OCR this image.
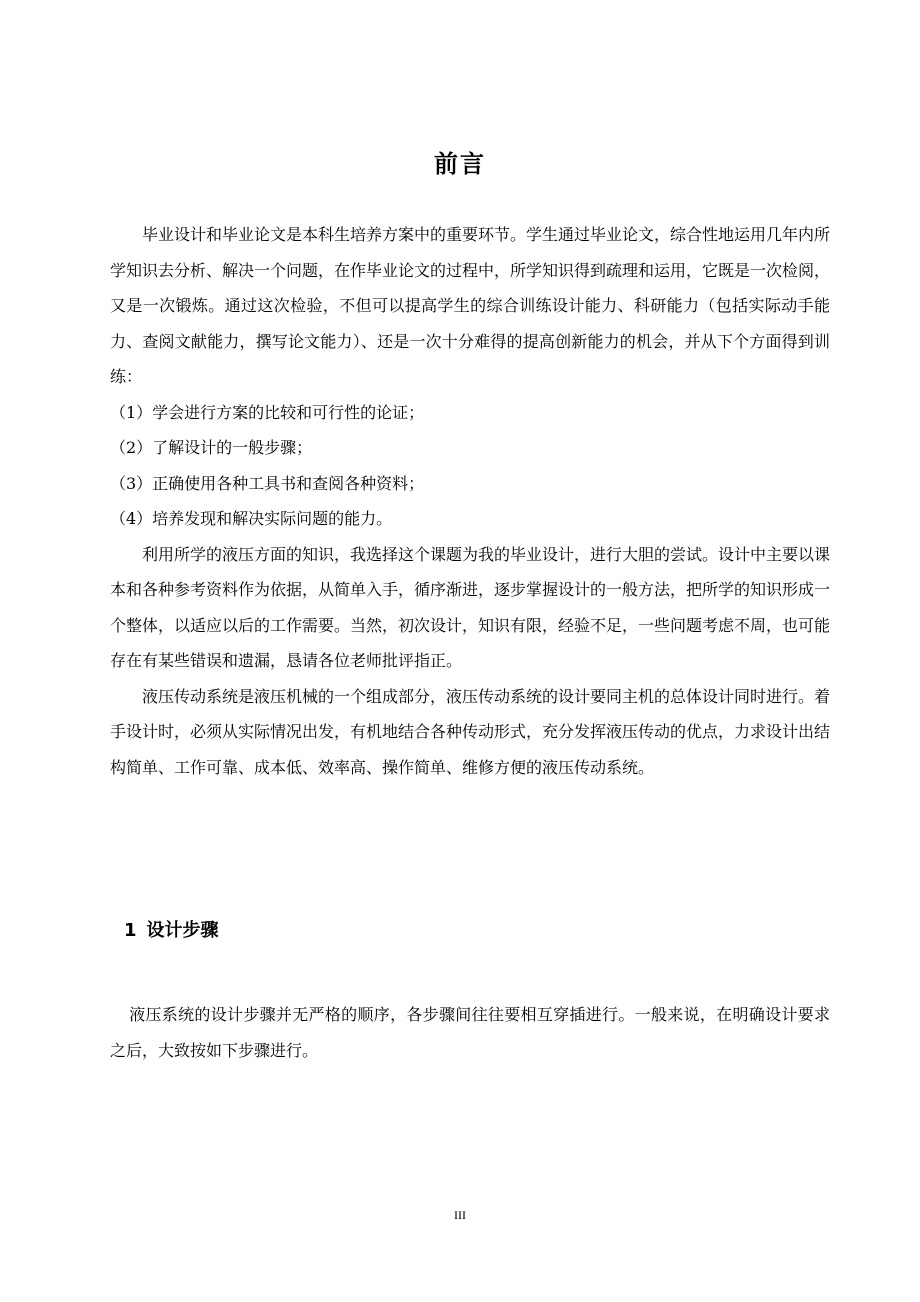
前言

毕业设计和毕业论文是本科生培养方案中的重要环节。学生通过毕业论文，综合性地运用几年内所学知识去分析、解决一个问题，在作毕业论文的过程中，所学知识得到疏理和运用，它既是一次检阅，又是一次锻炼。通过这次检验，不但可以提高学生的综合训练设计能力、科研能力（包括实际动手能力、查阅文献能力，撰写论文能力）、还是一次十分难得的提高创新能力的机会，并从下个方面得到训练：

（1）学会进行方案的比较和可行性的论证；

（2）了解设计的一般步骤；

（3）正确使用各种工具书和查阅各种资料；

（4）培养发现和解决实际问题的能力。

利用所学的液压方面的知识，我选择这个课题为我的毕业设计，进行大胆的尝试。设计中主要以课本和各种参考资料作为依据，从简单入手，循序渐进，逐步掌握设计的一般方法，把所学的知识形成一个整体，以适应以后的工作需要。当然，初次设计，知识有限，经验不足，一些问题考虑不周，也可能存在有某些错误和遗漏，恳请各位老师批评指正。

液压传动系统是液压机械的一个组成部分，液压传动系统的设计要同主机的总体设计同时进行。着手设计时，必须从实际情况出发，有机地结合各种传动形式，充分发挥液压传动的优点，力求设计出结构简单、工作可靠、成本低、效率高、操作简单、维修方便的液压传动系统。

1 设计步骤

液压系统的设计步骤并无严格的顺序，各步骤间往往要相互穿插进行。一般来说，在明确设计要求之后，大致按如下步骤进行。

III
